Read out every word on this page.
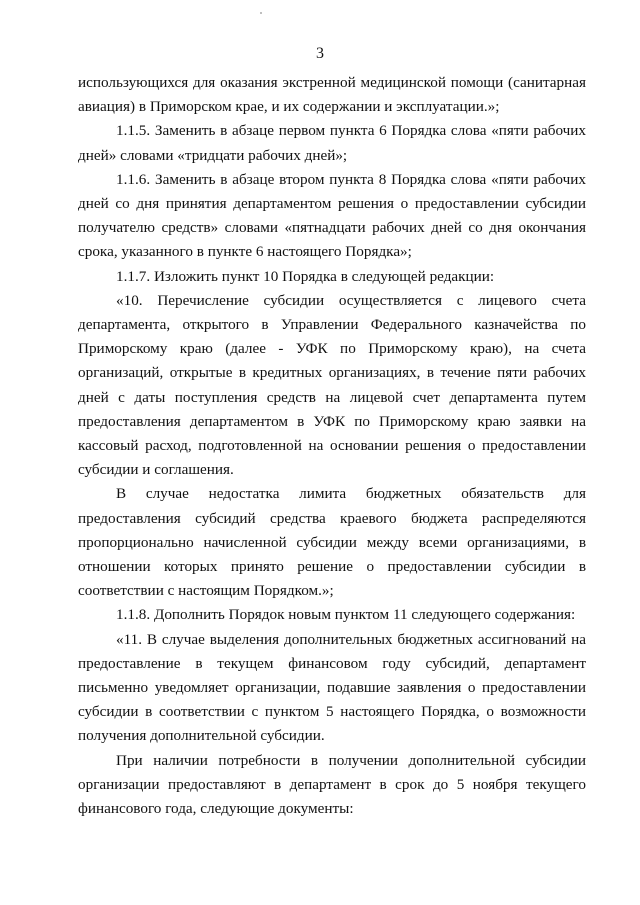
3

использующихся для оказания экстренной медицинской помощи (санитарная авиация) в Приморском крае, и их содержании и эксплуатации.»;

1.1.5. Заменить в абзаце первом пункта 6 Порядка слова «пяти рабочих дней» словами «тридцати рабочих дней»;

1.1.6. Заменить в абзаце втором пункта 8 Порядка слова «пяти рабочих дней со дня принятия департаментом решения о предоставлении субсидии получателю средств» словами «пятнадцати рабочих дней со дня окончания срока, указанного в пункте 6 настоящего Порядка»;

1.1.7. Изложить пункт 10 Порядка в следующей редакции:

«10. Перечисление субсидии осуществляется с лицевого счета департамента, открытого в Управлении Федерального казначейства по Приморскому краю (далее - УФК по Приморскому краю), на счета организаций, открытые в кредитных организациях, в течение пяти рабочих дней с даты поступления средств на лицевой счет департамента путем предоставления департаментом в УФК по Приморскому краю заявки на кассовый расход, подготовленной на основании решения о предоставлении субсидии и соглашения.

В случае недостатка лимита бюджетных обязательств для предоставления субсидий средства краевого бюджета распределяются пропорционально начисленной субсидии между всеми организациями, в отношении которых принято решение о предоставлении субсидии в соответствии с настоящим Порядком.»;

1.1.8. Дополнить Порядок новым пунктом 11 следующего содержания:

«11. В случае выделения дополнительных бюджетных ассигнований на предоставление в текущем финансовом году субсидий, департамент письменно уведомляет организации, подавшие заявления о предоставлении субсидии в соответствии с пунктом 5 настоящего Порядка, о возможности получения дополнительной субсидии.

При наличии потребности в получении дополнительной субсидии организации предоставляют в департамент в срок до 5 ноября текущего финансового года, следующие документы:
